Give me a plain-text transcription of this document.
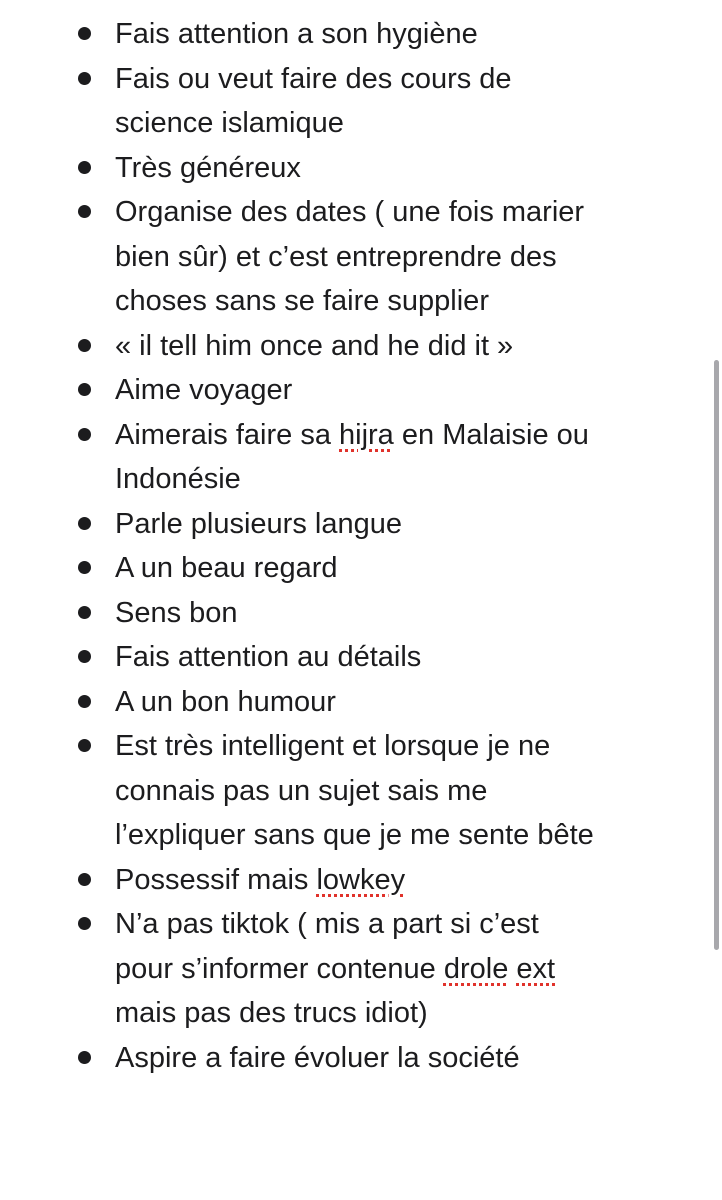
Fais attention a son hygiène
Fais ou veut faire des cours de
science islamique
Très généreux
Organise des dates ( une fois marier
bien sûr) et c’est entreprendre des
choses sans se faire supplier
« il tell him once and he did it »
Aime voyager
Aimerais faire sa hijra en Malaisie ou
Indonésie
Parle plusieurs langue
A un beau regard
Sens bon
Fais attention au détails
A un bon humour
Est très intelligent et lorsque je ne
connais pas un sujet sais me
l’expliquer sans que je me sente bête
Possessif mais lowkey
N’a pas tiktok ( mis a part si c’est
pour s’informer contenue drole ext
mais pas des trucs idiot)
Aspire a faire évoluer la société
